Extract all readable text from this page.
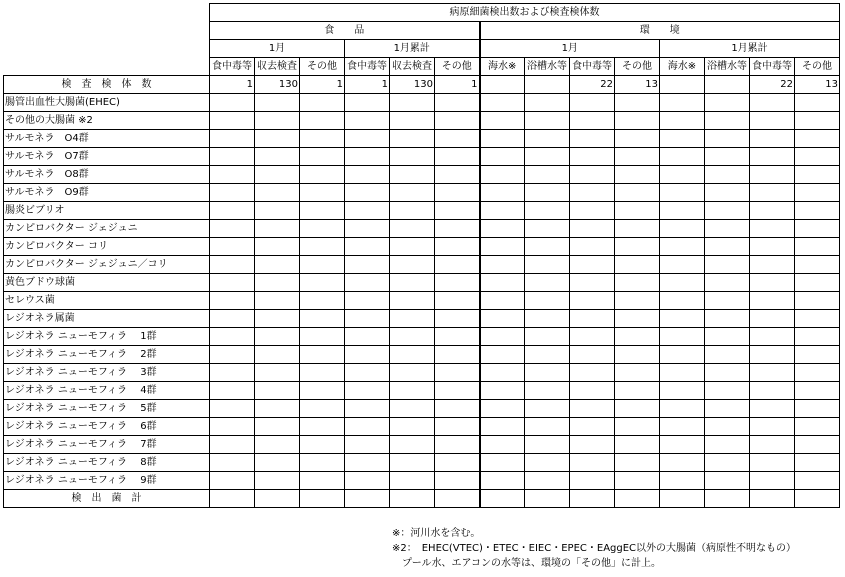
	病原細菌検出数および検査検体数													
	食　　品						環　　境							
	1月			1月累計			1月				1月累計			
	食中毒等	収去検査	その他	食中毒等	収去検査	その他	海水※	浴槽水等	食中毒等	その他	海水※	浴槽水等	食中毒等	その他
検　査　検　体　数	1	130	1	1	130	1			22	13			22	13
腸管出血性大腸菌(EHEC)														
その他の大腸菌 ※2														
サルモネラ　O4群														
サルモネラ　O7群														
サルモネラ　O8群														
サルモネラ　O9群														
腸炎ビブリオ														
カンピロバクター ジェジュニ														
カンピロバクター コリ														
カンピロバクター ジェジュニ／コリ														
黄色ブドウ球菌														
セレウス菌														
レジオネラ属菌														
レジオネラ ニューモフィラ　 1群														
レジオネラ ニューモフィラ　 2群														
レジオネラ ニューモフィラ　 3群														
レジオネラ ニューモフィラ　 4群														
レジオネラ ニューモフィラ　 5群														
レジオネラ ニューモフィラ　 6群														
レジオネラ ニューモフィラ　 7群														
レジオネラ ニューモフィラ　 8群														
レジオネラ ニューモフィラ　 9群														
検　出　菌　計														
※：河川水を含む。
※2：　EHEC(VTEC)・ETEC・EIEC・EPEC・EAggEC以外の大腸菌（病原性不明なもの）
　プール水、エアコンの水等は、環境の「その他」に計上。
